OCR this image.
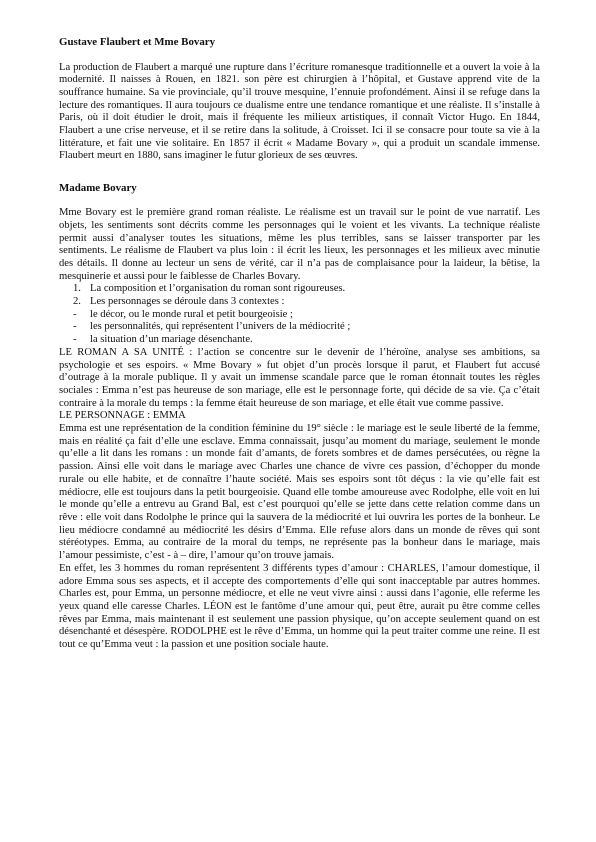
Gustave Flaubert et Mme Bovary

La production de Flaubert a marqué une rupture dans l’écriture romanesque traditionnelle et a ouvert la voie à la modernité. Il naisses à Rouen, en 1821. son père est chirurgien à l’hôpital, et Gustave apprend vite de la souffrance humaine. Sa vie provinciale, qu’il trouve mesquine, l’ennuie profondément. Ainsi il se refuge dans la lecture des romantiques. Il aura toujours ce dualisme entre une tendance romantique et une réaliste. Il s’installe à Paris, où il doit étudier le droit, mais il fréquente les milieux artistiques, il connaît Victor Hugo. En 1844, Flaubert a une crise nerveuse, et il se retire dans la solitude, à Croisset. Ici il se consacre pour toute sa vie à la littérature, et fait une vie solitaire. En 1857 il écrit « Madame Bovary », qui a produit un scandale immense. Flaubert meurt en 1880, sans imaginer le futur glorieux de ses œuvres.

Madame Bovary

Mme Bovary est le première grand roman réaliste. Le réalisme est un travail sur le point de vue narratif. Les objets, les sentiments sont décrits comme les personnages qui le voient et les vivants. La technique réaliste permit aussi d’analyser toutes les situations, même les plus terribles, sans se laisser transporter par les sentiments. Le réalisme de Flaubert va plus loin : il écrit les lieux, les personnages et les milieux avec minutie des détails. Il donne au lecteur un sens de vérité, car il n’a pas de complaisance pour la laideur, la bêtise, la mesquinerie et aussi pour le faiblesse de Charles Bovary.

1. La composition et l’organisation du roman sont rigoureuses.
2. Les personnages se déroule dans 3 contextes :
-	le décor, ou le monde rural et petit bourgeoisie ;
-	les personnalités, qui représentent l’univers de la médiocrité ;
-	la situation d’un mariage désenchante.

LE ROMAN A SA UNITÉ : l’action se concentre sur le devenir de l’héroïne, analyse ses ambitions, sa psychologie et ses espoirs. « Mme Bovary » fut objet d’un procès lorsque il parut, et Flaubert fut accusé d’outrage à la morale publique. Il y avait un immense scandale parce que le roman étonnait toutes les règles sociales : Emma n’est pas heureuse de son mariage, elle est le personnage forte, qui décide de sa vie. Ça c’était contraire à la morale du temps : la femme était heureuse de son mariage, et elle était vue comme passive.

LE PERSONNAGE : EMMA

Emma est une représentation de la condition féminine du 19° siècle : le mariage est le seule liberté de la femme, mais en réalité ça fait d’elle une esclave. Emma connaissait, jusqu’au moment du mariage, seulement le monde qu’elle a lit dans les romans : un monde fait d’amants, de forets sombres et de dames persécutées, ou règne la passion. Ainsi elle voit dans le mariage avec Charles une chance de vivre ces passion, d’échopper du monde rurale ou elle habite, et de connaître l’haute société. Mais ses espoirs sont tôt déçus : la vie qu’elle fait est médiocre, elle est toujours dans la petit bourgeoisie. Quand elle tombe amoureuse avec Rodolphe, elle voit en lui le monde qu’elle a entrevu au Grand Bal, est c’est pourquoi qu’elle se jette dans cette relation comme dans un rêve : elle voit dans Rodolphe le prince qui la sauvera de la médiocrité et lui ouvrira les portes de la bonheur. Le lieu médiocre condamné au médiocrité les désirs d’Emma. Elle refuse alors dans un monde de rêves qui sont stéréotypes. Emma, au contraire de la moral du temps, ne représente pas la bonheur dans le mariage, mais l’amour pessimiste, c’est - à – dire, l’amour qu’on trouve jamais.

En effet, les 3 hommes du roman représentent 3 différents types d’amour : CHARLES, l’amour domestique, il adore Emma sous ses aspects, et il accepte des comportements d’elle qui sont inacceptable par autres hommes. Charles est, pour Emma, un personne médiocre, et elle ne veut vivre ainsi : aussi dans l’agonie, elle referme les yeux quand elle caresse Charles. LÉON est le fantôme d’une amour qui, peut être, aurait pu être comme celles rêves par Emma, mais maintenant il est seulement une passion physique, qu’on accepte seulement quand on est désenchanté et désespère. RODOLPHE est le rêve d’Emma, un homme qui la peut traiter comme une reine. Il est tout ce qu’Emma veut : la passion et une position sociale haute.
